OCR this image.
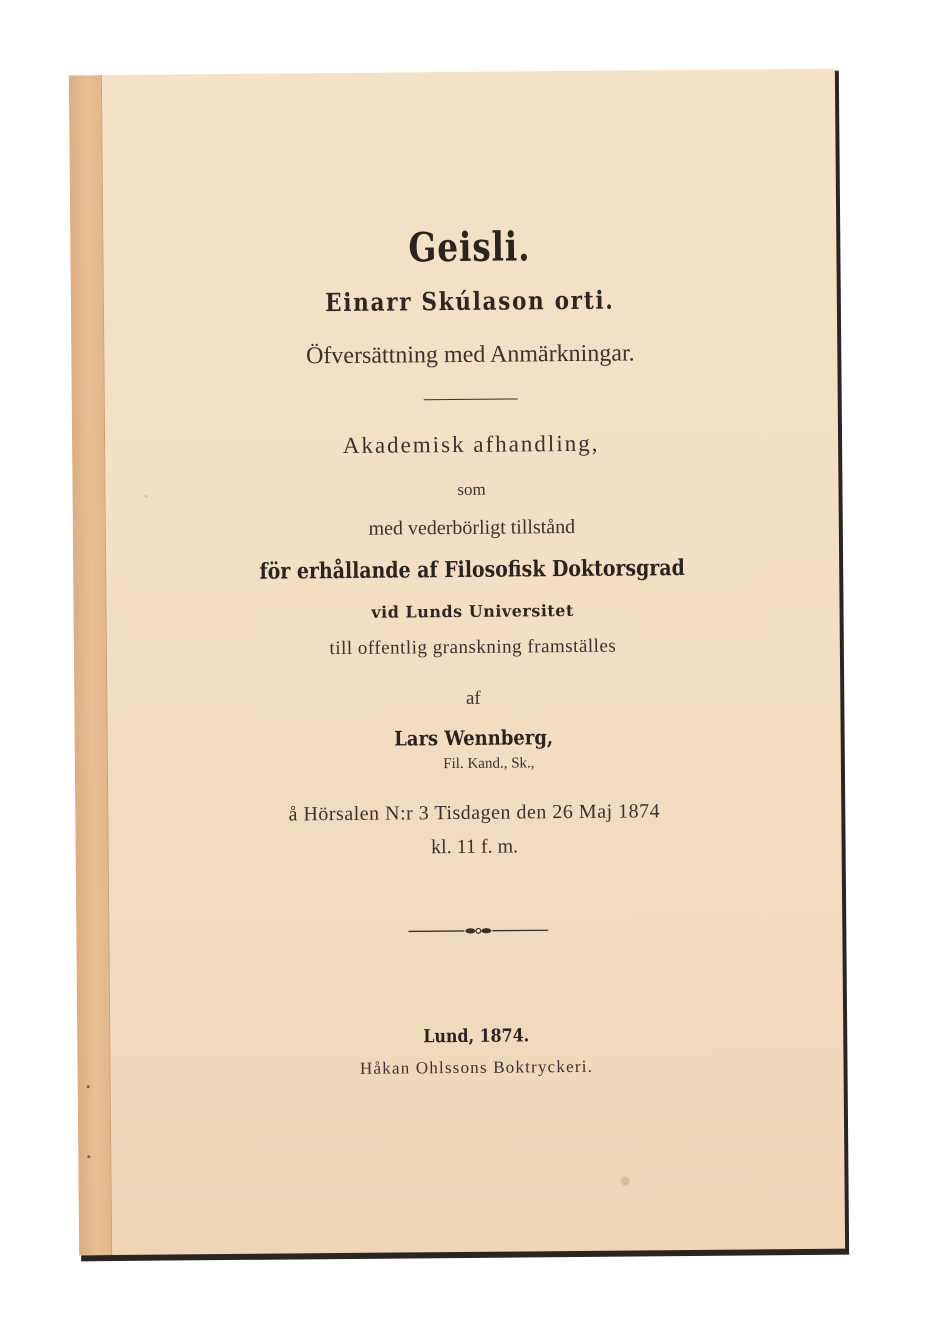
Geisli.
Einarr Skúlason orti.
Öfversättning med Anmärkningar.
Akademisk afhandling,
som
med vederbörligt tillstånd
för erhållande af Filosofisk Doktorsgrad
vid Lunds Universitet
till offentlig granskning framställes
af
Lars Wennberg,
Fil. Kand., Sk.,
å Hörsalen N:r 3 Tisdagen den 26 Maj 1874
kl. 11 f. m.
Lund, 1874.
Håkan Ohlssons Boktryckeri.
